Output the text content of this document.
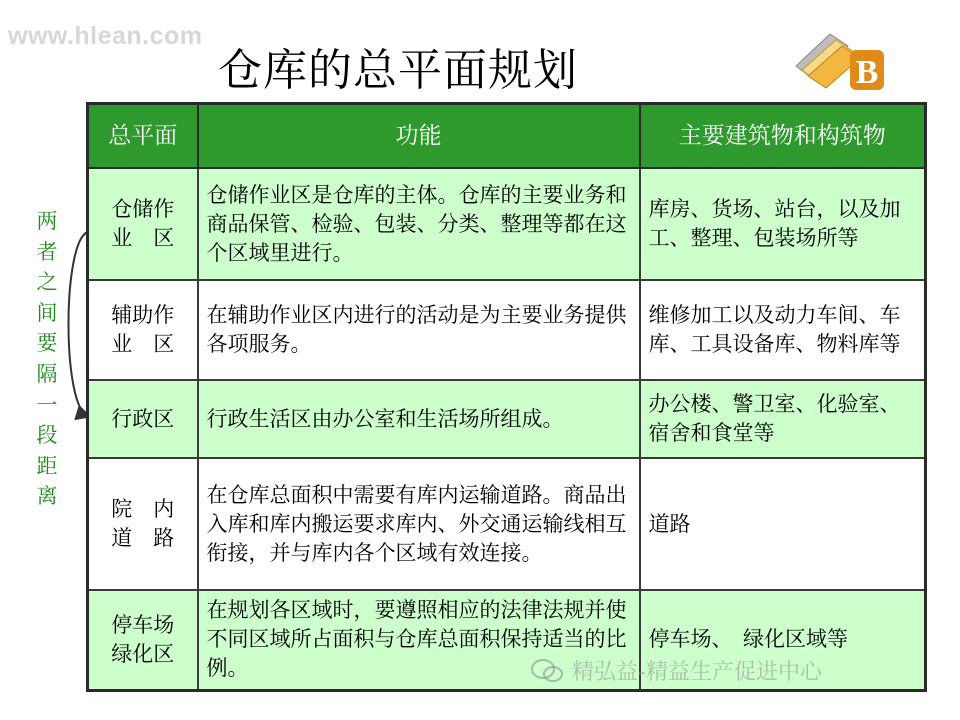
www.hlean.com
仓库的总平面规划	B
两
者
之
间
要
隔
一
段
距
离
总平面	功能	主要建筑物和构筑物

仓储作
业　区	仓储作业区是仓库的主体。仓库的主要业务和商品保管、检验、包装、分类、整理等都在这个区域里进行。	库房、货场、站台，以及加工、整理、包装场所等

辅助作
业　区	在辅助作业区内进行的活动是为主要业务提供各项服务。	维修加工以及动力车间、车库、工具设备库、物料库等

行政区	行政生活区由办公室和生活场所组成。	办公楼、警卫室、化验室、宿舍和食堂等

院　内
道　路	在仓库总面积中需要有库内运输道路。商品出入库和库内搬运要求库内、外交通运输线相互衔接，并与库内各个区域有效连接。	道路

停车场
绿化区	在规划各区域时，要遵照相应的法律法规并使不同区域所占面积与仓库总面积保持适当的比例。	停车场、　绿化区域等
精弘益-精益生产促进中心
